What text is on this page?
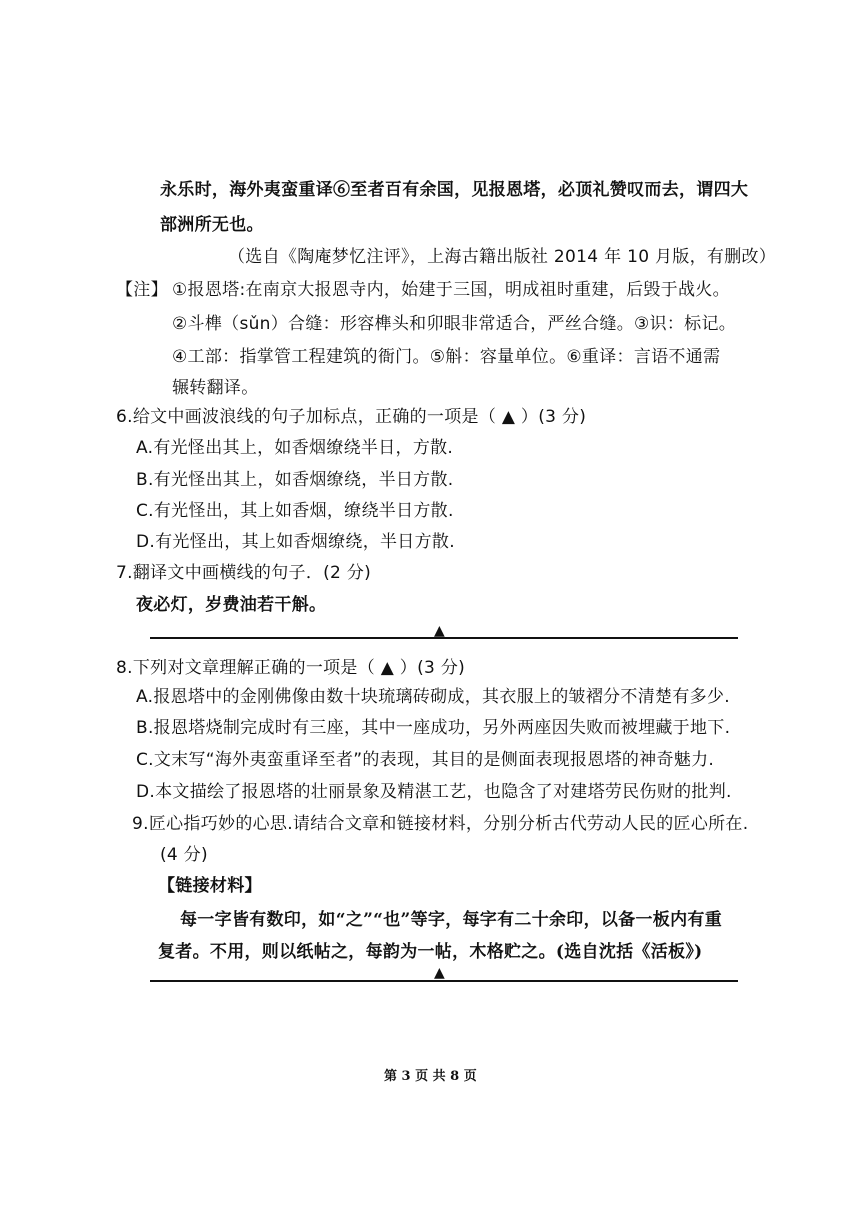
永乐时，海外夷蛮重译⑥至者百有余国，见报恩塔，必顶礼赞叹而去，谓四大
部洲所无也。
（选自《陶庵梦忆注评》，上海古籍出版社 2014 年 10 月版，有删改）
【注】 ①报恩塔:在南京大报恩寺内，始建于三国，明成祖时重建，后毁于战火。
②斗榫（sǔn）合缝：形容榫头和卯眼非常适合，严丝合缝。③识：标记。
④工部：指掌管工程建筑的衙门。⑤斛：容量单位。⑥重译：言语不通需
辗转翻译。
6.给文中画波浪线的句子加标点，正确的一项是（ ▲ ）(3 分)
A.有光怪出其上，如香烟缭绕半日，方散.
B.有光怪出其上，如香烟缭绕，半日方散.
C.有光怪出，其上如香烟，缭绕半日方散.
D.有光怪出，其上如香烟缭绕，半日方散.
7.翻译文中画横线的句子．(2 分)
夜必灯，岁费油若干斛。
▲
8.下列对文章理解正确的一项是（ ▲ ）(3 分)
A.报恩塔中的金刚佛像由数十块琉璃砖砌成，其衣服上的皱褶分不清楚有多少.
B.报恩塔烧制完成时有三座，其中一座成功，另外两座因失败而被埋藏于地下.
C.文末写“海外夷蛮重译至者”的表现，其目的是侧面表现报恩塔的神奇魅力.
D.本文描绘了报恩塔的壮丽景象及精湛工艺，也隐含了对建塔劳民伤财的批判.
9.匠心指巧妙的心思.请结合文章和链接材料，分别分析古代劳动人民的匠心所在.
(4 分)
【链接材料】
每一字皆有数印，如“之”“也”等字，每字有二十余印，以备一板内有重
复者。不用，则以纸帖之，每韵为一帖，木格贮之。(选自沈括《活板》)
▲
第 3 页 共 8 页
